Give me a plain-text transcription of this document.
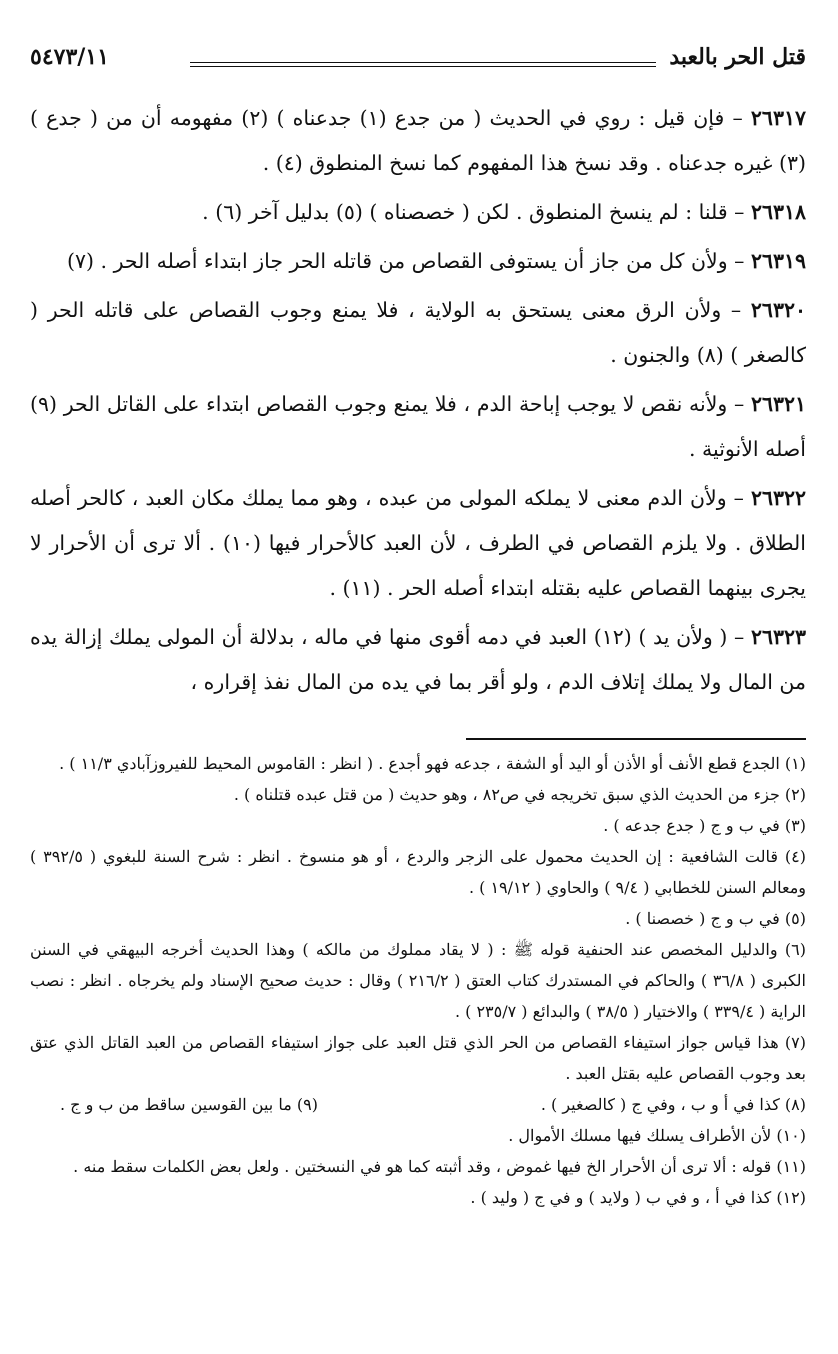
قتل الحر بالعبد
٥٤٧٣/١١

٢٦٣١٧ – فإن قيل : روي في الحديث ( من جدع (١) جدعناه ) (٢) مفهومه أن من ( جدع ) (٣) غيره جدعناه . وقد نسخ هذا المفهوم كما نسخ المنطوق (٤) .

٢٦٣١٨ – قلنا : لم ينسخ المنطوق . لكن ( خصصناه ) (٥) بدليل آخر (٦) .

٢٦٣١٩ – ولأن كل من جاز أن يستوفى القصاص من قاتله الحر جاز ابتداء أصله الحر . (٧)

٢٦٣٢٠ – ولأن الرق معنى يستحق به الولاية ، فلا يمنع وجوب القصاص على قاتله الحر ( كالصغر ) (٨) والجنون .

٢٦٣٢١ – ولأنه نقص لا يوجب إباحة الدم ، فلا يمنع وجوب القصاص ابتداء على القاتل الحر (٩) أصله الأنوثية .

٢٦٣٢٢ – ولأن الدم معنى لا يملكه المولى من عبده ، وهو مما يملك مكان العبد ، كالحر أصله الطلاق . ولا يلزم القصاص في الطرف ، لأن العبد كالأحرار فيها (١٠) . ألا ترى أن الأحرار لا يجرى بينهما القصاص عليه بقتله ابتداء أصله الحر . (١١) .

٢٦٣٢٣ – ( ولأن يد ) (١٢) العبد في دمه أقوى منها في ماله ، بدلالة أن المولى يملك إزالة يده من المال ولا يملك إتلاف الدم ، ولو أقر بما في يده من المال نفذ إقراره ،

(١) الجدع قطع الأنف أو الأذن أو اليد أو الشفة ، جدعه فهو أجدع . ( انظر : القاموس المحيط للفيروزآبادي ١١/٣ ) .
(٢) جزء من الحديث الذي سبق تخريجه في ص٨٢ ، وهو حديث ( من قتل عبده قتلناه ) .
(٣) في ب و ج ( جدع جدعه ) .
(٤) قالت الشافعية : إن الحديث محمول على الزجر والردع ، أو هو منسوخ . انظر : شرح السنة للبغوي ( ٣٩٢/٥ ) ومعالم السنن للخطابي ( ٩/٤ ) والحاوي ( ١٩/١٢ ) .
(٥) في ب و ج ( خصصنا ) .
(٦) والدليل المخصص عند الحنفية قوله ﷺ : ( لا يقاد مملوك من مالكه ) وهذا الحديث أخرجه البيهقي في السنن الكبرى ( ٣٦/٨ ) والحاكم في المستدرك كتاب العتق ( ٢١٦/٢ ) وقال : حديث صحيح الإسناد ولم يخرجاه . انظر : نصب الراية ( ٣٣٩/٤ ) والاختيار ( ٣٨/٥ ) والبدائع ( ٢٣٥/٧ ) .
(٧) هذا قياس جواز استيفاء القصاص من الحر الذي قتل العبد على جواز استيفاء القصاص من العبد القاتل الذي عتق بعد وجوب القصاص عليه بقتل العبد .
(٨) كذا في أ و ب ، وفي ج ( كالصغير ) .
(٩) ما بين القوسين ساقط من ب و ج .
(١٠) لأن الأطراف يسلك فيها مسلك الأموال .
(١١) قوله : ألا ترى أن الأحرار الخ فيها غموض ، وقد أثبته كما هو في النسختين . ولعل بعض الكلمات سقط منه .
(١٢) كذا في أ ، و في ب ( ولايد ) و في ج ( وليد ) .
